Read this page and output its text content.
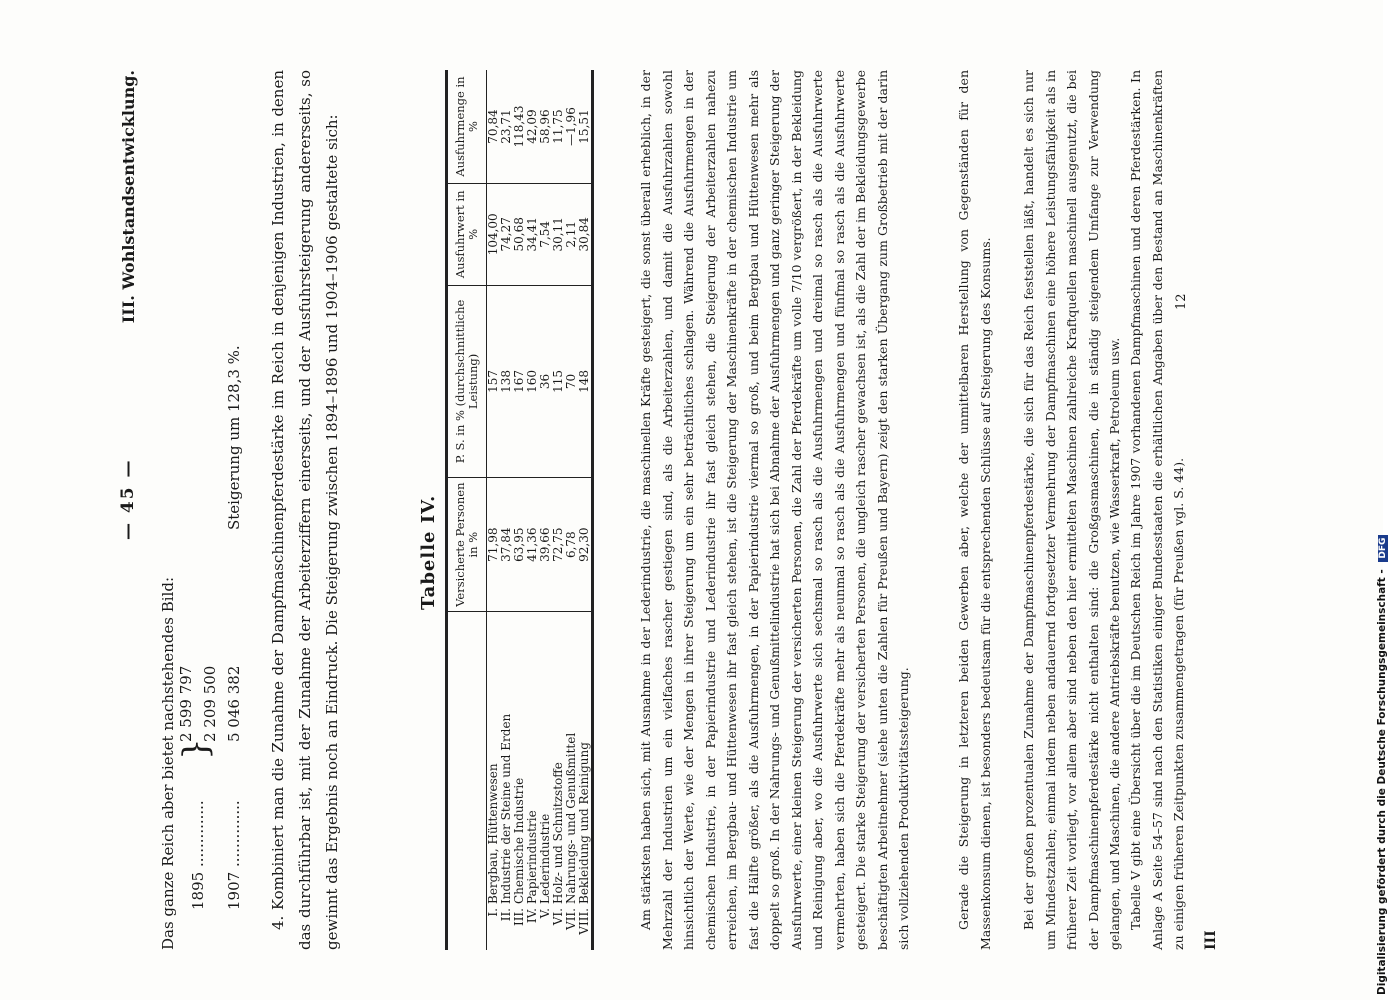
— 45 —
III. Wohlstandsentwicklung.

Das ganze Reich aber bietet nachstehendes Bild: 1895 ..............
}
2 599 797 2 209 500
1907 ..............
5 046 382
Steigerung um 128,3 %.	4. Kombiniert man die Zunahme der Dampfmaschinenpferdestärke im Reich in denjenigen Industrien, in denen das durchführbar ist, mit der Zunahme der Arbeiterziffern einerseits, und der Ausfuhrsteigerung andererseits, so gewinnt das Ergebnis noch an Eindruck. Die Steigerung zwischen 1894–1896 und 1904–1906 gestaltete sich:	Tabelle IV.
	Versicherte Personen in %	P. S. in % (durchschnittliche Leistung)	Ausfuhrwert in %	Ausfuhrmenge in %
I.Bergbau, Hüttenwesen	71,98	157	104,00	70,84
II.Industrie der Steine und Erden	37,84	138	74,27	23,71
III.Chemische Industrie	63,95	167	50,68	118,43
IV.Papierindustrie	41,36	160	34,41	42,09
V.Lederindustrie	39,66	36	7,54	58,96
VI.Holz- und Schnitzstoffe	72,75	115	30,11	11,75
VII.Nahrungs- und Genußmittel	6,78	70	2,11	—1,96
VIII.Bekleidung und Reinigung	92,30	148	30,84	15,51	Am stärksten haben sich, mit Ausnahme in der Lederindustrie, die maschinellen Kräfte gesteigert, die sonst überall erheblich, in der Mehrzahl der Industrien um ein vielfaches rascher gestiegen sind, als die Arbeiterzahlen, und damit die Ausfuhrzahlen sowohl hinsichtlich der Werte, wie der Mengen in ihrer Steigerung um ein sehr beträchtliches schlagen. Während die Ausfuhrmengen in der chemischen Industrie, in der Papierindustrie und Lederindustrie ihr fast gleich stehen, die Steigerung der Arbeiterzahlen nahezu erreichen, im Bergbau- und Hüttenwesen ihr fast gleich stehen, ist die Steigerung der Maschinenkräfte in der chemischen Industrie um fast die Hälfte größer, als die Ausfuhrmengen, in der Papierindustrie viermal so groß, und beim Bergbau und Hüttenwesen mehr als doppelt so groß. In der Nahrungs- und Genußmittelindustrie hat sich bei Abnahme der Ausfuhrmengen und ganz geringer Steigerung der Ausfuhrwerte, einer kleinen Steigerung der versicherten Personen, die Zahl der Pferdekräfte um volle 7/10 vergrößert, in der Bekleidung und Reinigung aber, wo die Ausfuhrwerte sich sechsmal so rasch als die Ausfuhrmengen und dreimal so rasch als die Ausfuhrwerte vermehrten, haben sich die Pferdekräfte mehr als neunmal so rasch als die Ausfuhrmengen und fünfmal so rasch als die Ausfuhrwerte gesteigert. Die starke Steigerung der versicherten Personen, die ungleich rascher gewachsen ist, als die Zahl der im Bekleidungsgewerbe beschäftigten Arbeitnehmer (siehe unten die Zahlen für Preußen und Bayern) zeigt den starken Übergang zum Großbetrieb mit der darin sich vollziehenden Produktivitätssteigerung.	Gerade die Steigerung in letzteren beiden Gewerben aber, welche der unmittelbaren Herstellung von Gegenständen für den Massenkonsum dienen, ist besonders bedeutsam für die entsprechenden Schlüsse auf Steigerung des Konsums. Bei der großen prozentualen Zunahme der Dampfmaschinenpferdestärke, die sich für das Reich feststellen läßt, handelt es sich nur um Mindestzahlen; einmal indem neben andauernd fortgesetzter Vermehrung der Dampfmaschinen eine höhere Leistungsfähigkeit als in früherer Zeit vorliegt, vor allem aber sind neben den hier ermittelten Maschinen zahlreiche Kraftquellen maschinell ausgenutzt, die bei der Dampfmaschinenpferdestärke nicht enthalten sind: die Großgasmaschinen, die in ständig steigendem Umfange zur Verwendung gelangen, und Maschinen, die andere Antriebskräfte benutzen, wie Wasserkraft, Petroleum usw. Tabelle V gibt eine Übersicht über die im Deutschen Reich im Jahre 1907 vorhandenen Dampfmaschinen und deren Pferdestärken. In Anlage A Seite 54–57 sind nach den Statistiken einiger Bundesstaaten die erhältlichen Angaben über den Bestand an Maschinenkräften zu einigen früheren Zeitpunkten zusammengetragen (für Preußen vgl. S. 44).	III
12
Digitalisierung gefördert durch die Deutsche Forschungsgemeinschaft - DFG
